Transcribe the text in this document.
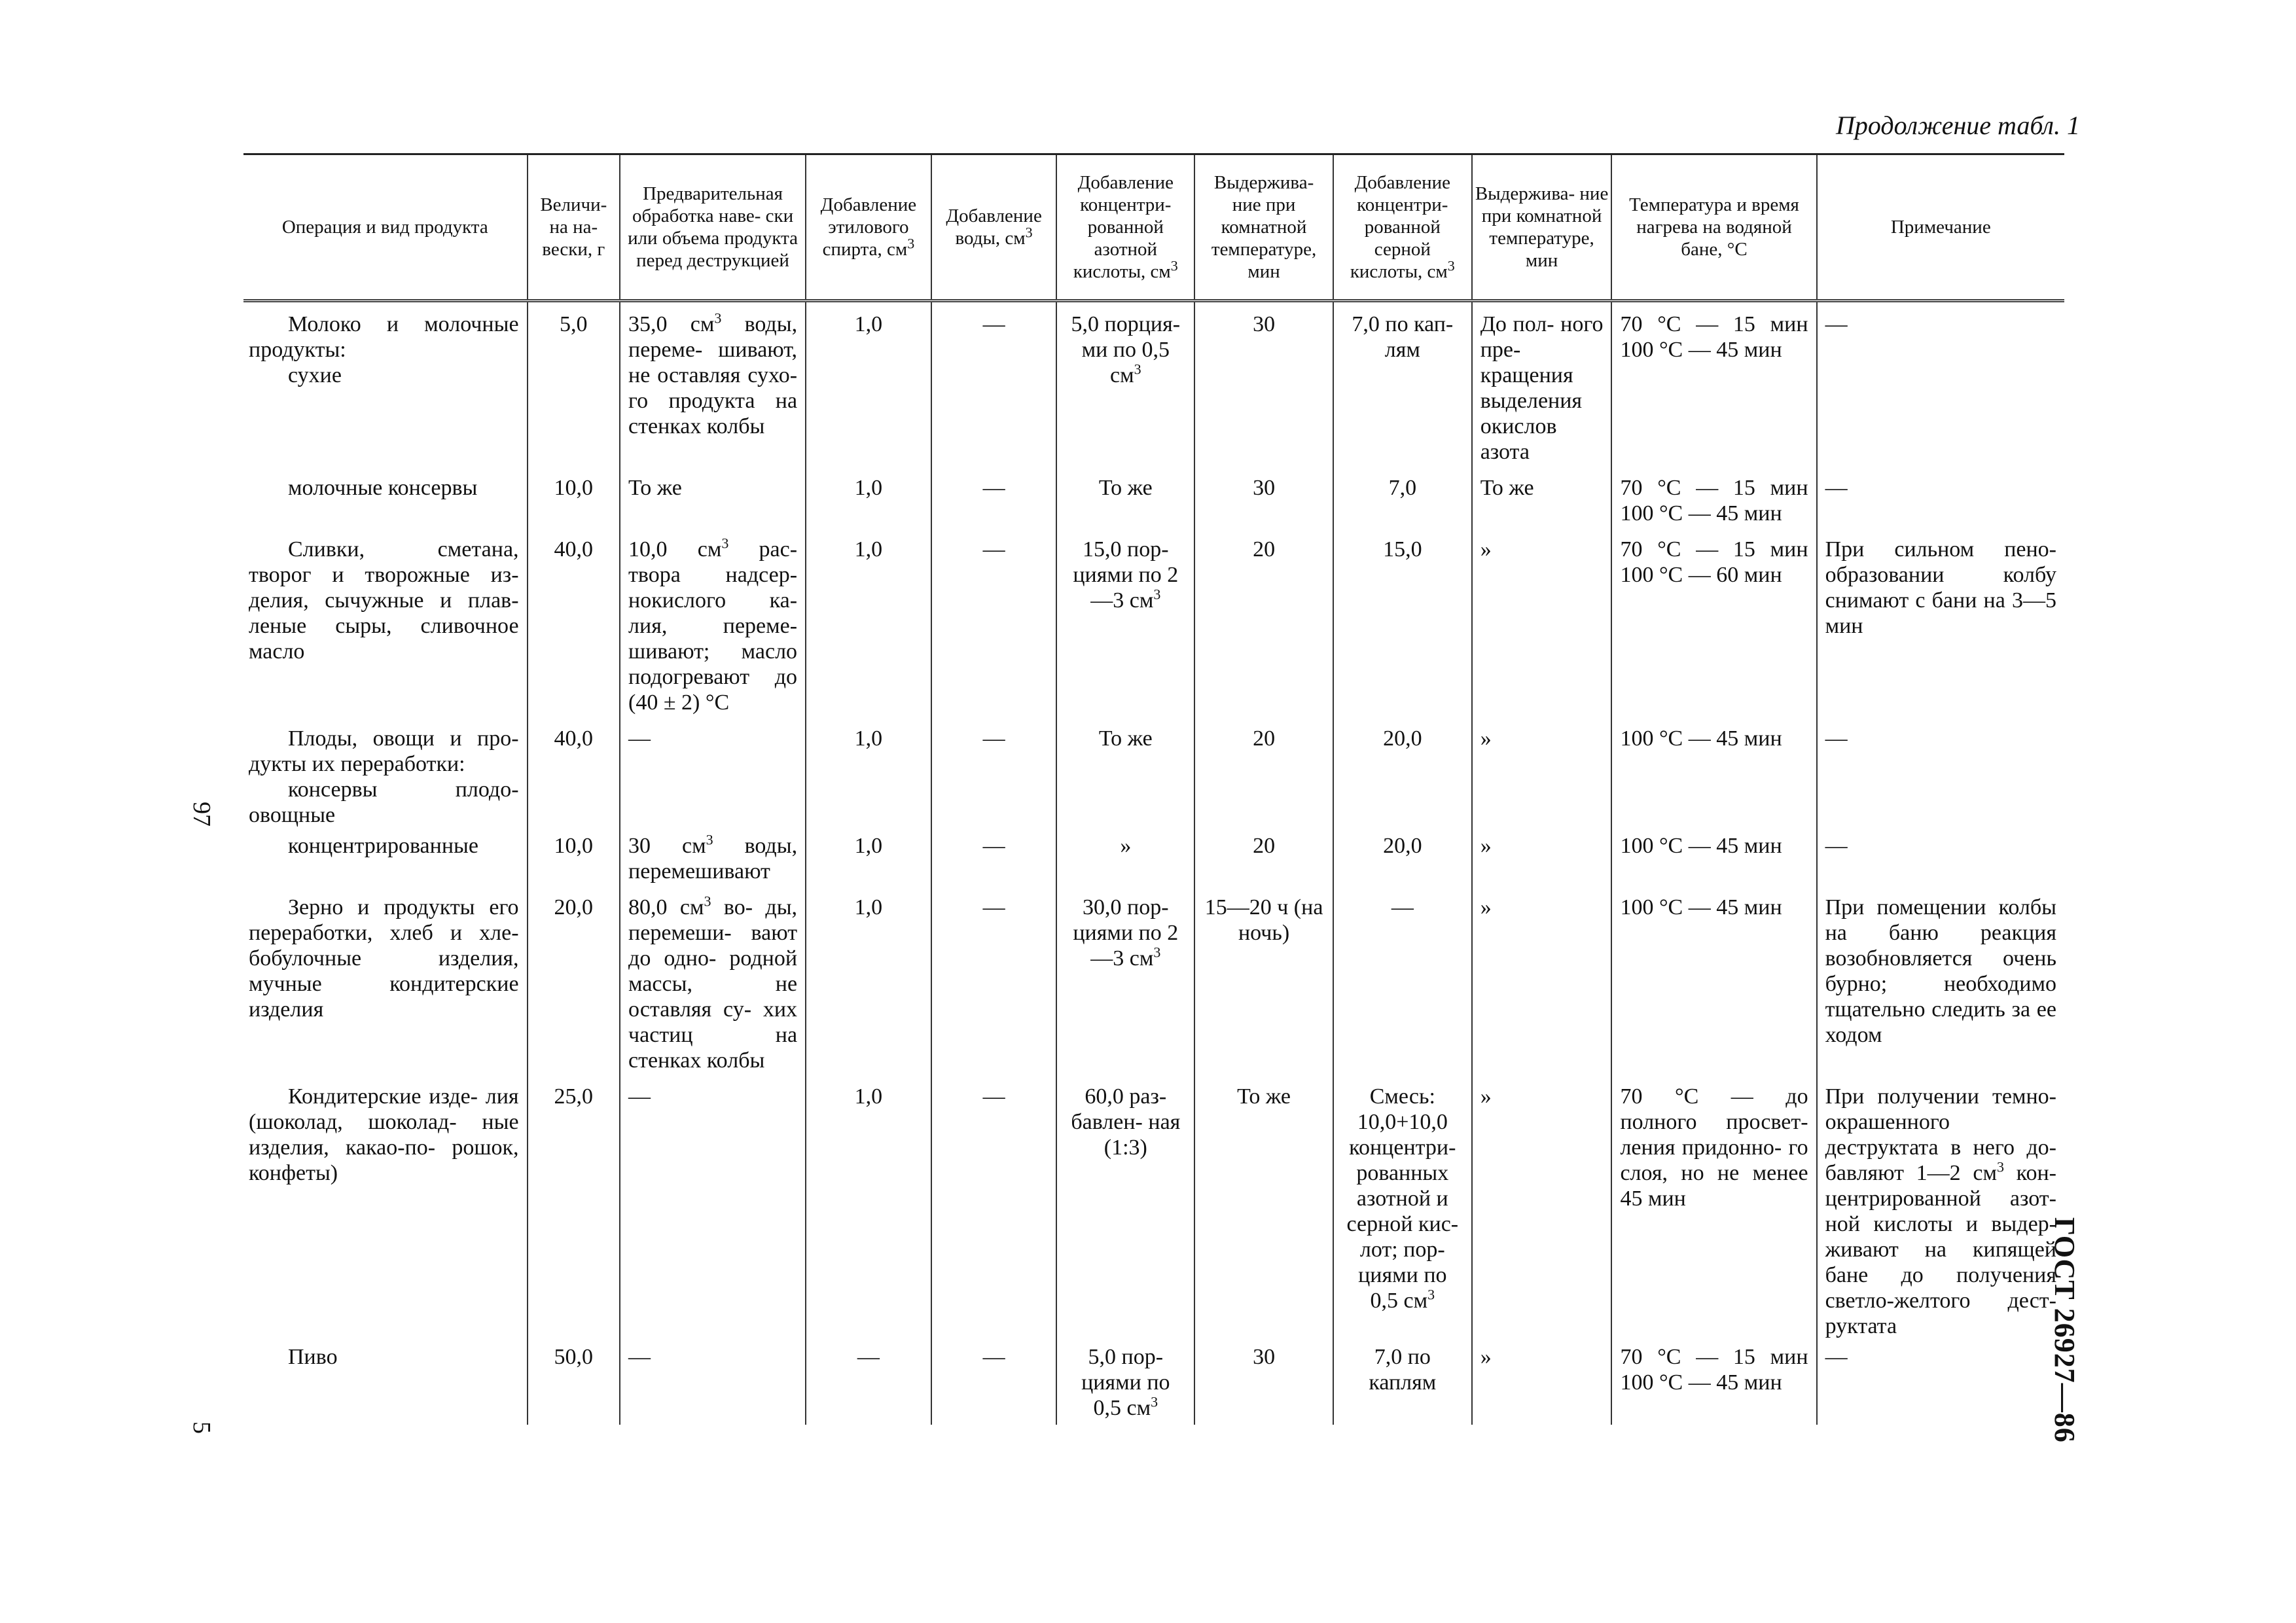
Продолжение табл. 1
ГОСТ 26927—86
97
5
Операция и вид продукта	Величи- на на- вески, г	Предварительная обработка наве- ски или объема продукта перед деструкцией	Добавление этилового спирта, $см^3$	Добавление воды, $см^3$	Добавление концентри- рованной азотной кислоты, $см^3$	Выдержива- ние при комнатной температуре, мин	Добавление концентри- рованной серной кислоты, $см^3$	Выдержива- ние при комнатной температуре, мин	Температура и время нагрева на водяной бане, °С	Примечание

Молоко и молочные продукты:
сухие	5,0	35,0 $см^3$ воды, переме- шивают, не оставляя сухо- го продукта на стенках колбы	1,0	—	5,0 порция- ми по 0,5 $см^3$	30	7,0 по кап- лям	До пол- ного пре- кращения выделения окислов азота	70 °С — 15 мин 100 °С — 45 мин	—

молочные консервы	10,0	То же	1,0	—	То же	30	7,0	То же	70 °С — 15 мин 100 °С — 45 мин	—

Сливки, сметана, творог и творожные из- делия, сычужные и плав- леные сыры, сливочное масло	40,0	10,0 $см^3$ рас- твора надсер- нокислого ка- лия, переме- шивают; масло подогревают до (40 ± 2) °С	1,0	—	15,0 пор- циями по 2—3 $см^3$	20	15,0	»	70 °С — 15 мин 100 °С — 60 мин	При сильном пено- образовании колбу снимают с бани на 3—5 мин

Плоды, овощи и про- дукты их переработки:
консервы плодо- овощные	40,0	—	1,0	—	То же	20	20,0	»	100 °С — 45 мин	—

концентрированные	10,0	30 $см^3$ воды, перемешивают	1,0	—	»	20	20,0	»	100 °С — 45 мин	—

Зерно и продукты его переработки, хлеб и хле- бобулочные изделия, мучные кондитерские изделия	20,0	80,0 $см^3$ во- ды, перемеши- вают до одно- родной массы, не оставляя су- хих частиц на стенках колбы	1,0	—	30,0 пор- циями по 2—3 $см^3$	15—20 ч (на ночь)	—	»	100 °С — 45 мин	При помещении колбы на баню реакция возобновляется очень бурно; необходимо тщательно следить за ее ходом

Кондитерские изде- лия (шоколад, шоколад- ные изделия, какао-по- рошок, конфеты)	25,0	—	1,0	—	60,0 раз- бавлен- ная (1:3)	То же	Смесь: 10,0+10,0 концентри- рованных азотной и серной кис- лот; пор- циями по 0,5 $см^3$	»	70 °С — до полного просвет- ления придонно- го слоя, но не менее 45 мин	При получении темно-окрашенного деструктата в него до- бавляют 1—2 $см^3$ кон- центрированной азот- ной кислоты и выдер- живают на кипящей бане до получения светло-желтого дест- руктата

Пиво	50,0	—	—	—	5,0 пор- циями по 0,5 $см^3$	30	7,0 по каплям	»	70 °С — 15 мин 100 °С — 45 мин	—
